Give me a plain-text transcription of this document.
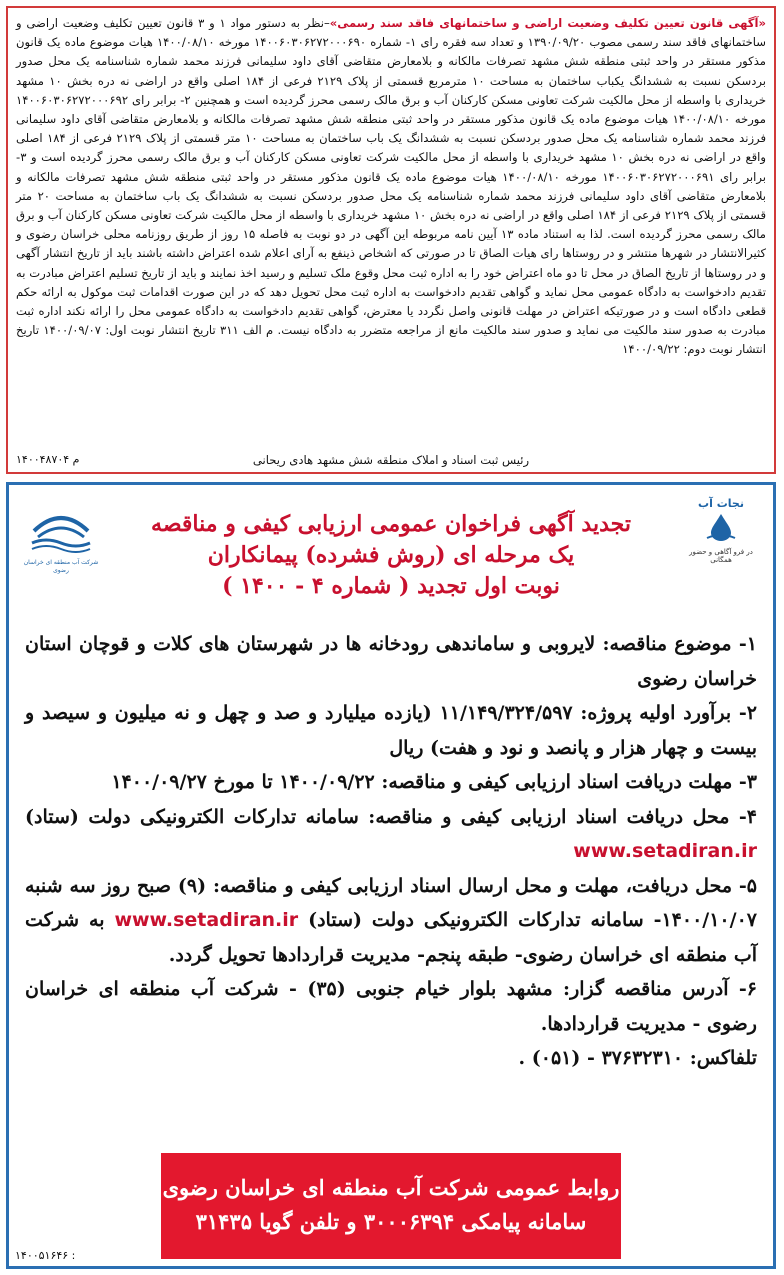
«آگهی قانون تعیین تکلیف وضعیت اراضی و ساختمانهای فاقد سند رسمی»–نظر به دستور مواد ۱ و ۳ قانون تعیین تکلیف وضعیت اراضی و ساختمانهای فاقد سند رسمی مصوب ۱۳۹۰/۰۹/۲۰ و تعداد سه فقره رای ۱- شماره ۱۴۰۰۶۰۳۰۶۲۷۲۰۰۰۶۹۰ مورخه ۱۴۰۰/۰۸/۱۰ هیات موضوع ماده یک قانون مذکور مستقر در واحد ثبتی منطقه شش مشهد تصرفات مالکانه و بلامعارض متقاضی آقای داود سلیمانی فرزند محمد شماره شناسنامه یک محل صدور بردسکن نسبت به ششدانگ یکباب ساختمان به مساحت ۱۰ مترمربع قسمتی از پلاک ۲۱۲۹ فرعی از ۱۸۴ اصلی واقع در اراضی نه دره بخش ۱۰ مشهد خریداری با واسطه از محل مالکیت شرکت تعاونی مسکن کارکنان آب و برق مالک رسمی محرز گردیده است و همچنین ۲- برابر رای ۱۴۰۰۶۰۳۰۶۲۷۲۰۰۰۶۹۲ مورخه ۱۴۰۰/۰۸/۱۰ هیات موضوع ماده یک قانون مذکور مستقر در واحد ثبتی منطقه شش مشهد تصرفات مالکانه و بلامعارض متقاضی آقای داود سلیمانی فرزند محمد شماره شناسنامه یک محل صدور بردسکن نسبت به ششدانگ یک باب ساختمان به مساحت ۱۰ متر قسمتی از پلاک ۲۱۲۹ فرعی از ۱۸۴ اصلی واقع در اراضی نه دره بخش ۱۰ مشهد خریداری با واسطه از محل مالکیت شرکت تعاونی مسکن کارکنان آب و برق مالک رسمی محرز گردیده است و ۳- برابر رای ۱۴۰۰۶۰۳۰۶۲۷۲۰۰۰۶۹۱ مورخه ۱۴۰۰/۰۸/۱۰ هیات موضوع ماده یک قانون مذکور مستقر در واحد ثبتی منطقه شش مشهد تصرفات مالکانه و بلامعارض متقاضی آقای داود سلیمانی فرزند محمد شماره شناسنامه یک محل صدور بردسکن نسبت به ششدانگ یک باب ساختمان به مساحت ۲۰ متر قسمتی از پلاک ۲۱۲۹ فرعی از ۱۸۴ اصلی واقع در اراضی نه دره بخش ۱۰ مشهد خریداری با واسطه از محل مالکیت شرکت تعاونی مسکن کارکنان آب و برق مالک رسمی محرز گردیده است. لذا به استناد ماده ۱۳ آیین نامه مربوطه این آگهی در دو نوبت به فاصله ۱۵ روز از طریق روزنامه محلی خراسان رضوی و کثیرالانتشار در شهرها منتشر و در روستاها رای هیات الصاق تا در صورتی که اشخاص ذینفع به آرای اعلام شده اعتراض داشته باشند باید از تاریخ انتشار آگهی و در روستاها از تاریخ الصاق در محل تا دو ماه اعتراض خود را به اداره ثبت محل وقوع ملک تسلیم و رسید اخذ نمایند و باید از تاریخ تسلیم اعتراض مبادرت به تقدیم دادخواست به دادگاه عمومی محل نماید و گواهی تقدیم دادخواست به اداره ثبت محل تحویل دهد که در این صورت اقدامات ثبت موکول به ارائه حکم قطعی دادگاه است و در صورتیکه اعتراض در مهلت قانونی واصل نگردد یا معترض، گواهی تقدیم دادخواست به دادگاه عمومی محل را ارائه نکند اداره ثبت مبادرت به صدور سند مالکیت می نماید و صدور سند مالکیت مانع از مراجعه متضرر به دادگاه نیست. م الف ۳۱۱ تاریخ انتشار نوبت اول: ۱۴۰۰/۰۹/۰۷ تاریخ انتشار نوبت دوم: ۱۴۰۰/۰۹/۲۲
رئیس ثبت اسناد و املاک منطقه شش مشهد هادی ریحانی
۱۴۰۰۴۸۷۰۴ م
شرکت آب منطقه ای خراسان رضوی
نجات آب
در فرو آگاهی و حضور همگانی
تجدید آگهی فراخوان عمومی ارزیابی کیفی و مناقصه
یک مرحله ای (روش فشرده) پیمانکاران
نوبت اول تجدید ( شماره ۴ - ۱۴۰۰ )

۱- موضوع مناقصه: لایروبی و ساماندهی رودخانه ها در شهرستان های کلات و قوچان استان خراسان رضوی

۲- برآورد اولیه پروژه: ۱۱/۱۴۹/۳۲۴/۵۹۷ (یازده میلیارد و صد و چهل و نه میلیون و سیصد و بیست و چهار هزار و پانصد و نود و هفت) ریال

۳- مهلت دریافت اسناد ارزیابی کیفی و مناقصه: ۱۴۰۰/۰۹/۲۲ تا مورخ ۱۴۰۰/۰۹/۲۷

۴- محل دریافت اسناد ارزیابی کیفی و مناقصه: سامانه تدارکات الکترونیکی دولت (ستاد) www.setadiran.ir

۵- محل دریافت، مهلت و محل ارسال اسناد ارزیابی کیفی و مناقصه: (۹) صبح روز سه شنبه ۱۴۰۰/۱۰/۰۷- سامانه تدارکات الکترونیکی دولت (ستاد) www.setadiran.ir به شرکت آب منطقه ای خراسان رضوی- طبقه پنجم- مدیریت قراردادها تحویل گردد.

۶- آدرس مناقصه گزار: مشهد بلوار خیام جنوبی (۳۵) - شرکت آب منطقه ای خراسان رضوی - مدیریت قراردادها.

تلفاکس: ۳۷۶۳۲۳۱۰ - (۰۵۱) .

روابط عمومی شرکت آب منطقه ای خراسان رضوی
سامانه پیامکی ۳۰۰۰۶۳۹۴ و تلفن گویا ۳۱۴۳۵
۱۴۰۰۵۱۶۴۶ :
